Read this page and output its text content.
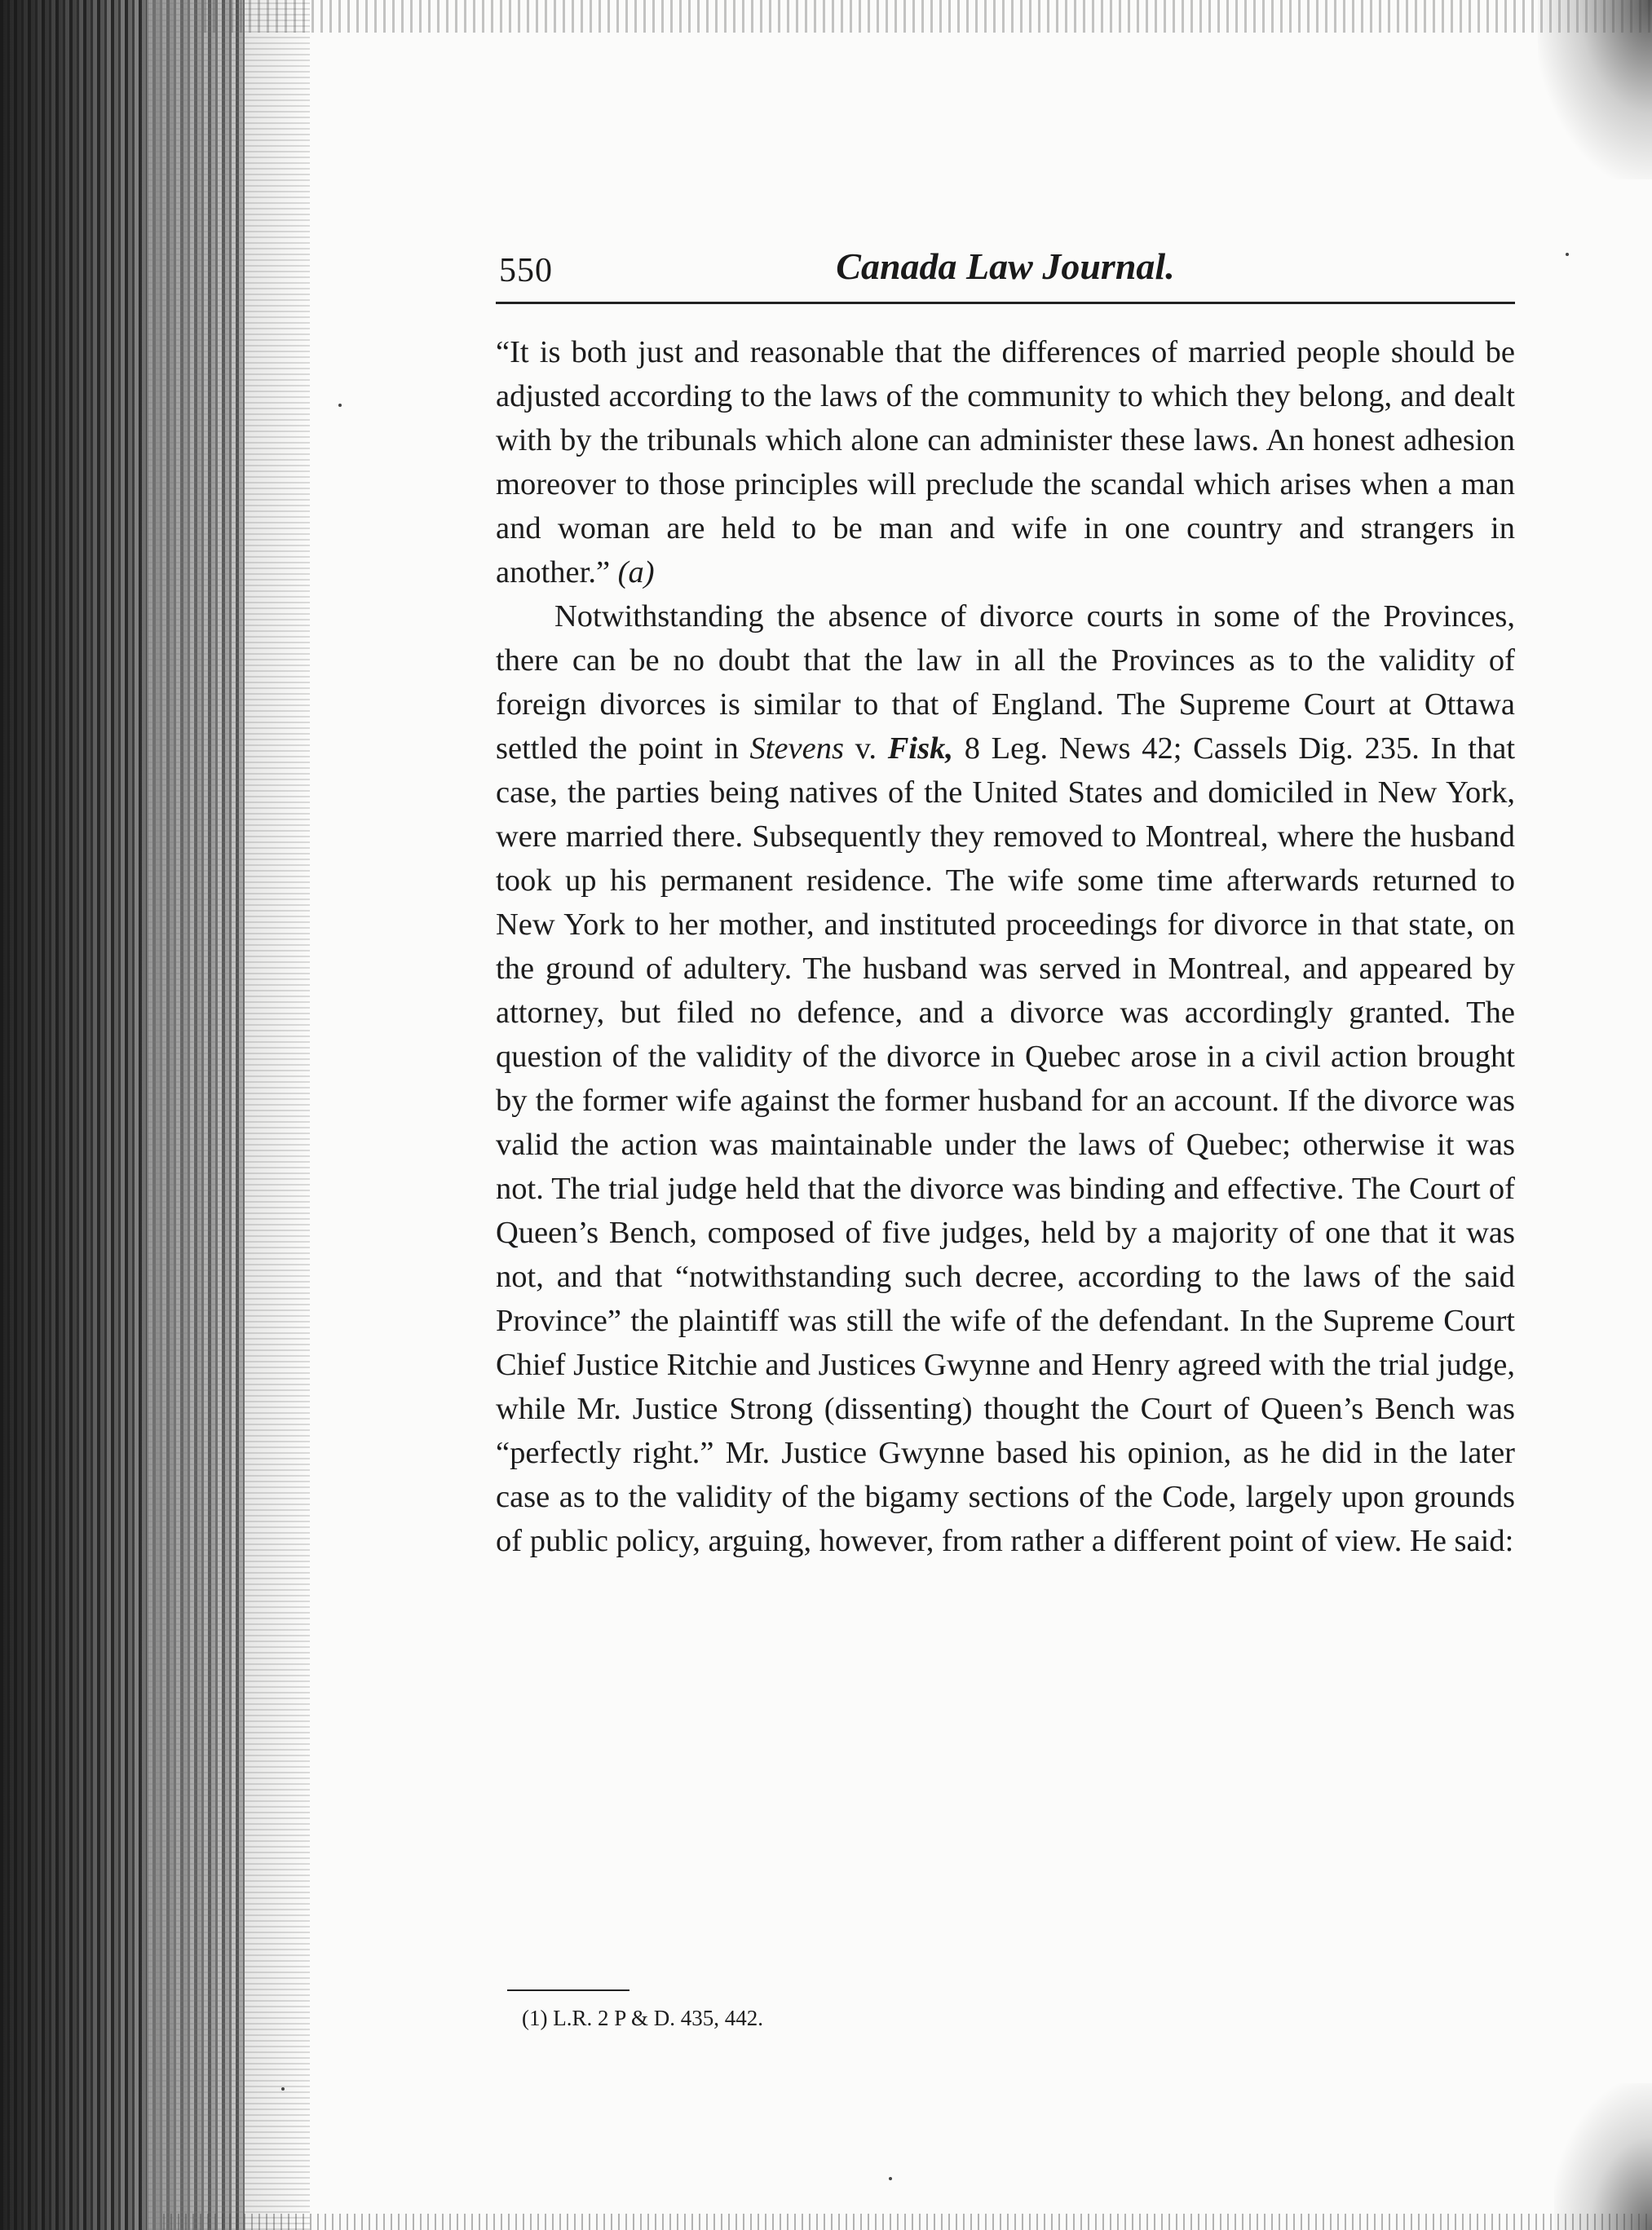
550	Canada Law Journal.

“It is both just and reasonable that the differences of married people should be adjusted according to the laws of the community to which they belong, and dealt with by the tribunals which alone can administer these laws. An honest adhesion moreover to those principles will preclude the scandal which arises when a man and woman are held to be man and wife in one country and strangers in another.” (a)

Notwithstanding the absence of divorce courts in some of the Provinces, there can be no doubt that the law in all the Provinces as to the validity of foreign divorces is similar to that of England. The Supreme Court at Ottawa settled the point in Stevens v. Fisk, 8 Leg. News 42; Cassels Dig. 235. In that case, the parties being natives of the United States and domiciled in New York, were married there. Subsequently they removed to Montreal, where the husband took up his permanent residence. The wife some time afterwards returned to New York to her mother, and instituted proceedings for divorce in that state, on the ground of adultery. The husband was served in Montreal, and appeared by attorney, but filed no defence, and a divorce was accordingly granted. The question of the validity of the divorce in Quebec arose in a civil action brought by the former wife against the former husband for an account. If the divorce was valid the action was maintainable under the laws of Quebec; otherwise it was not. The trial judge held that the divorce was binding and effective. The Court of Queen’s Bench, composed of five judges, held by a majority of one that it was not, and that “notwithstanding such decree, according to the laws of the said Province” the plaintiff was still the wife of the defendant. In the Supreme Court Chief Justice Ritchie and Justices Gwynne and Henry agreed with the trial judge, while Mr. Justice Strong (dissenting) thought the Court of Queen’s Bench was “perfectly right.” Mr. Justice Gwynne based his opinion, as he did in the later case as to the validity of the bigamy sections of the Code, largely upon grounds of public policy, arguing, however, from rather a different point of view. He said:

(1) L.R. 2 P & D. 435, 442.
